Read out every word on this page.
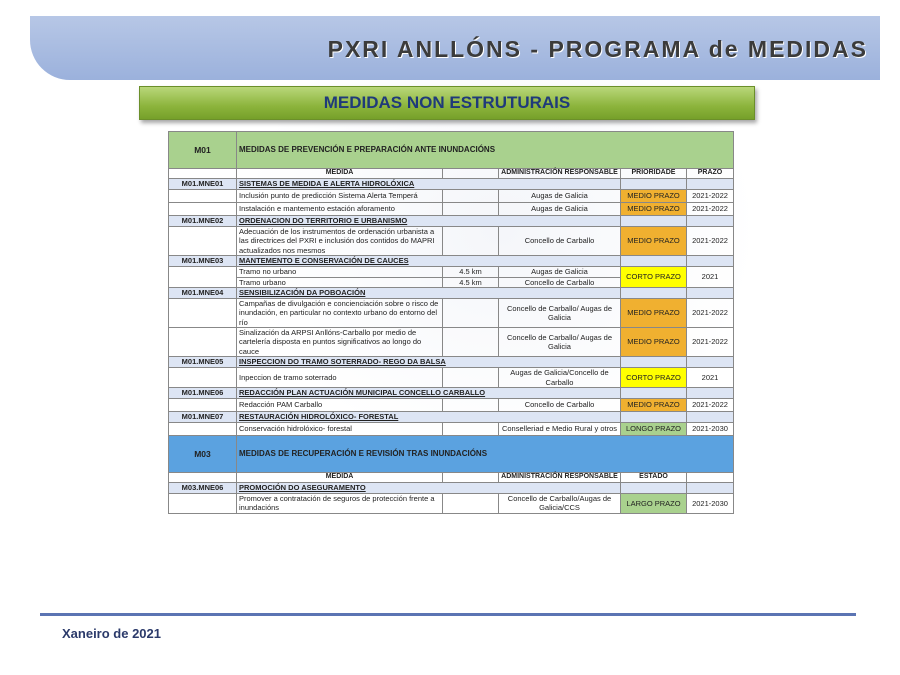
PXRI ANLLÓNS - PROGRAMA de MEDIDAS
MEDIDAS NON ESTRUTURAIS
M01	MEDIDAS DE PREVENCIÓN E PREPARACIÓN ANTE INUNDACIÓNS				
	MEDIDA		ADMINISTRACIÓN RESPONSABLE	PRIORIDADE	PRAZO
M01.MNE01	SISTEMAS DE MEDIDA E ALERTA HIDROLÓXICA				
	Inclusión punto de predicción Sistema Alerta Temperá		Augas de Galicia	MEDIO PRAZO	2021-2022
	Instalación e mantemento estación aforamento		Augas de Galicia	MEDIO PRAZO	2021-2022
M01.MNE02	ORDENACION DO TERRITORIO E URBANISMO				
	Adecuación de los instrumentos de ordenación urbanista a las directrices del PXRI e inclusión dos contidos do MAPRI actualizados nos mesmos		Concello de Carballo	MEDIO PRAZO	2021-2022
M01.MNE03	MANTEMENTO E CONSERVACIÓN DE CAUCES				
	Tramo no urbano	4.5 km	Augas de Galicia	CORTO PRAZO	2021
	Tramo urbano	4.5 km	Concello de Carballo		
M01.MNE04	SENSIBILIZACIÓN DA POBOACIÓN				
	Campañas de divulgación e concienciación sobre o risco de inundación, en particular no contexto urbano do entorno del río		Concello de Carballo/ Augas de Galicia	MEDIO PRAZO	2021-2022
	Sinalización da ARPSI Anllóns-Carballo por medio de cartelería disposta en puntos significativos ao longo do cauce		Concello de Carballo/ Augas de Galicia	MEDIO PRAZO	2021-2022
M01.MNE05	INSPECCION DO TRAMO SOTERRADO- REGO DA BALSA				
	Inpeccion de tramo soterrado		Augas de Galicia/Concello de Carballo	CORTO PRAZO	2021
M01.MNE06	REDACCIÓN PLAN ACTUACIÓN MUNICIPAL CONCELLO CARBALLO				
	Redacción PAM Carballo		Concello de Carballo	MEDIO PRAZO	2021-2022
M01.MNE07	RESTAURACIÓN HIDROLÓXICO- FORESTAL				
	Conservación hidrolóxico- forestal		Conselleriad e Medio Rural y otros	LONGO PRAZO	2021-2030
M03	MEDIDAS DE RECUPERACIÓN E REVISIÓN TRAS INUNDACIÓNS				
	MEDIDA		ADMINISTRACIÓN RESPONSABLE	ESTADO	
M03.MNE06	PROMOCIÓN DO ASEGURAMENTO				
	Promover a contratación de seguros de protección frente a inundacións		Concello de Carballo/Augas de Galicia/CCS	LARGO PRAZO	2021-2030
Xaneiro de 2021
